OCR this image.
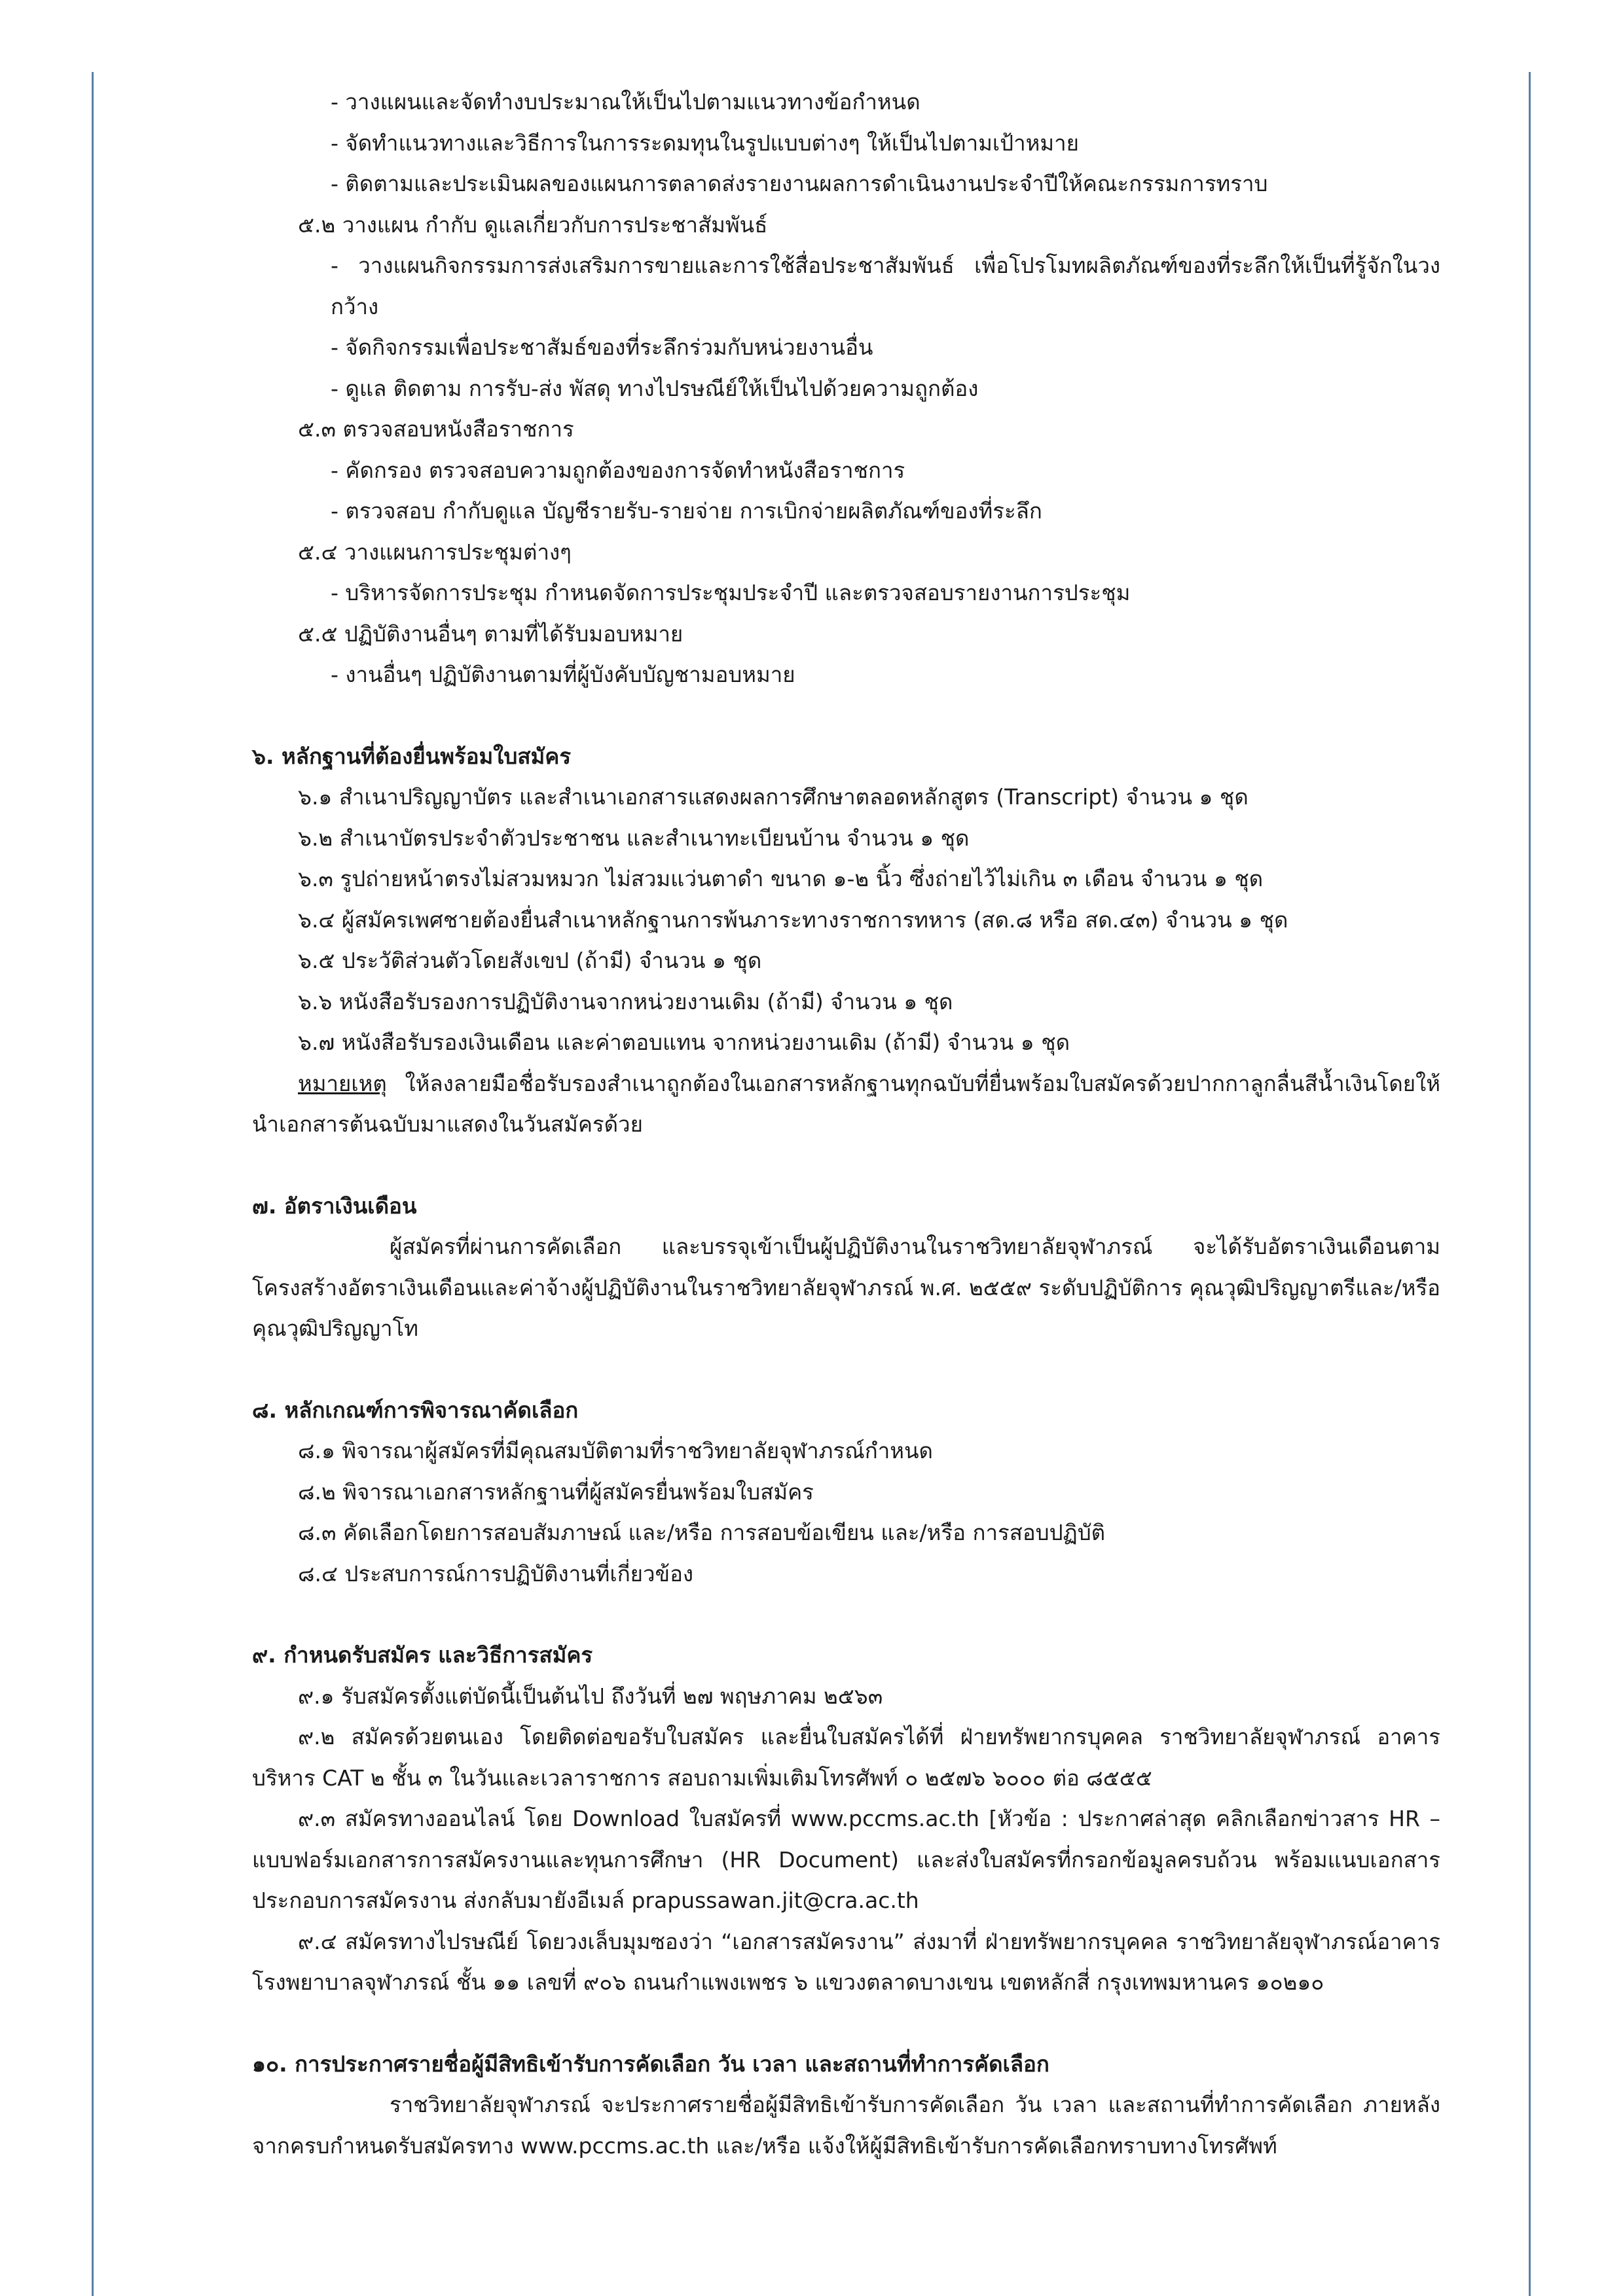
- วางแผนและจัดทำงบประมาณให้เป็นไปตามแนวทางข้อกำหนด
- จัดทำแนวทางและวิธีการในการระดมทุนในรูปแบบต่างๆ ให้เป็นไปตามเป้าหมาย
- ติดตามและประเมินผลของแผนการตลาดส่งรายงานผลการดำเนินงานประจำปีให้คณะกรรมการทราบ
๕.๒ วางแผน กำกับ ดูแลเกี่ยวกับการประชาสัมพันธ์
- วางแผนกิจกรรมการส่งเสริมการขายและการใช้สื่อประชาสัมพันธ์ เพื่อโปรโมทผลิตภัณฑ์ของที่ระลึกให้เป็นที่รู้จักในวงกว้าง
- จัดกิจกรรมเพื่อประชาสัมธ์ของที่ระลึกร่วมกับหน่วยงานอื่น
- ดูแล ติดตาม การรับ-ส่ง พัสดุ ทางไปรษณีย์ให้เป็นไปด้วยความถูกต้อง
๕.๓ ตรวจสอบหนังสือราชการ
- คัดกรอง ตรวจสอบความถูกต้องของการจัดทำหนังสือราชการ
- ตรวจสอบ กำกับดูแล บัญชีรายรับ-รายจ่าย การเบิกจ่ายผลิตภัณฑ์ของที่ระลึก
๕.๔ วางแผนการประชุมต่างๆ
- บริหารจัดการประชุม กำหนดจัดการประชุมประจำปี และตรวจสอบรายงานการประชุม
๕.๕ ปฏิบัติงานอื่นๆ ตามที่ได้รับมอบหมาย
- งานอื่นๆ ปฏิบัติงานตามที่ผู้บังคับบัญชามอบหมาย
๖. หลักฐานที่ต้องยื่นพร้อมใบสมัคร
๖.๑ สำเนาปริญญาบัตร และสำเนาเอกสารแสดงผลการศึกษาตลอดหลักสูตร (Transcript) จำนวน ๑ ชุด
๖.๒ สำเนาบัตรประจำตัวประชาชน และสำเนาทะเบียนบ้าน จำนวน ๑ ชุด
๖.๓ รูปถ่ายหน้าตรงไม่สวมหมวก ไม่สวมแว่นตาดำ ขนาด ๑-๒ นิ้ว ซึ่งถ่ายไว้ไม่เกิน ๓ เดือน จำนวน ๑ ชุด
๖.๔ ผู้สมัครเพศชายต้องยื่นสำเนาหลักฐานการพ้นภาระทางราชการทหาร (สด.๘ หรือ สด.๔๓) จำนวน ๑ ชุด
๖.๕ ประวัติส่วนตัวโดยสังเขป (ถ้ามี) จำนวน ๑ ชุด
๖.๖ หนังสือรับรองการปฏิบัติงานจากหน่วยงานเดิม (ถ้ามี) จำนวน ๑ ชุด
๖.๗ หนังสือรับรองเงินเดือน และค่าตอบแทน จากหน่วยงานเดิม (ถ้ามี) จำนวน ๑ ชุด
หมายเหตุ ให้ลงลายมือชื่อรับรองสำเนาถูกต้องในเอกสารหลักฐานทุกฉบับที่ยื่นพร้อมใบสมัครด้วยปากกาลูกลื่นสีน้ำเงินโดยให้นำเอกสารต้นฉบับมาแสดงในวันสมัครด้วย
๗. อัตราเงินเดือน
ผู้สมัครที่ผ่านการคัดเลือก และบรรจุเข้าเป็นผู้ปฏิบัติงานในราชวิทยาลัยจุฬาภรณ์ จะได้รับอัตราเงินเดือนตามโครงสร้างอัตราเงินเดือนและค่าจ้างผู้ปฏิบัติงานในราชวิทยาลัยจุฬาภรณ์ พ.ศ. ๒๕๕๙ ระดับปฏิบัติการ คุณวุฒิปริญญาตรีและ/หรือ คุณวุฒิปริญญาโท
๘. หลักเกณฑ์การพิจารณาคัดเลือก
๘.๑ พิจารณาผู้สมัครที่มีคุณสมบัติตามที่ราชวิทยาลัยจุฬาภรณ์กำหนด
๘.๒ พิจารณาเอกสารหลักฐานที่ผู้สมัครยื่นพร้อมใบสมัคร
๘.๓ คัดเลือกโดยการสอบสัมภาษณ์ และ/หรือ การสอบข้อเขียน และ/หรือ การสอบปฏิบัติ
๘.๔ ประสบการณ์การปฏิบัติงานที่เกี่ยวข้อง
๙. กำหนดรับสมัคร และวิธีการสมัคร
๙.๑ รับสมัครตั้งแต่บัดนี้เป็นต้นไป ถึงวันที่ ๒๗ พฤษภาคม ๒๕๖๓
๙.๒ สมัครด้วยตนเอง โดยติดต่อขอรับใบสมัคร และยื่นใบสมัครได้ที่ ฝ่ายทรัพยากรบุคคล ราชวิทยาลัยจุฬาภรณ์ อาคารบริหาร CAT ๒ ชั้น ๓ ในวันและเวลาราชการ สอบถามเพิ่มเติมโทรศัพท์ ๐ ๒๕๗๖ ๖๐๐๐ ต่อ ๘๕๕๕
๙.๓ สมัครทางออนไลน์ โดย Download ใบสมัครที่ www.pccms.ac.th [หัวข้อ : ประกาศล่าสุด คลิกเลือกข่าวสาร HR – แบบฟอร์มเอกสารการสมัครงานและทุนการศึกษา (HR Document) และส่งใบสมัครที่กรอกข้อมูลครบถ้วน พร้อมแนบเอกสารประกอบการสมัครงาน ส่งกลับมายังอีเมล์ prapussawan.jit@cra.ac.th
๙.๔ สมัครทางไปรษณีย์ โดยวงเล็บมุมซองว่า “เอกสารสมัครงาน” ส่งมาที่ ฝ่ายทรัพยากรบุคคล ราชวิทยาลัยจุฬาภรณ์อาคารโรงพยาบาลจุฬาภรณ์ ชั้น ๑๑ เลขที่ ๙๐๖ ถนนกำแพงเพชร ๖ แขวงตลาดบางเขน เขตหลักสี่ กรุงเทพมหานคร ๑๐๒๑๐
๑๐. การประกาศรายชื่อผู้มีสิทธิเข้ารับการคัดเลือก วัน เวลา และสถานที่ทำการคัดเลือก
ราชวิทยาลัยจุฬาภรณ์ จะประกาศรายชื่อผู้มีสิทธิเข้ารับการคัดเลือก วัน เวลา และสถานที่ทำการคัดเลือก ภายหลังจากครบกำหนดรับสมัครทาง www.pccms.ac.th และ/หรือ แจ้งให้ผู้มีสิทธิเข้ารับการคัดเลือกทราบทางโทรศัพท์
